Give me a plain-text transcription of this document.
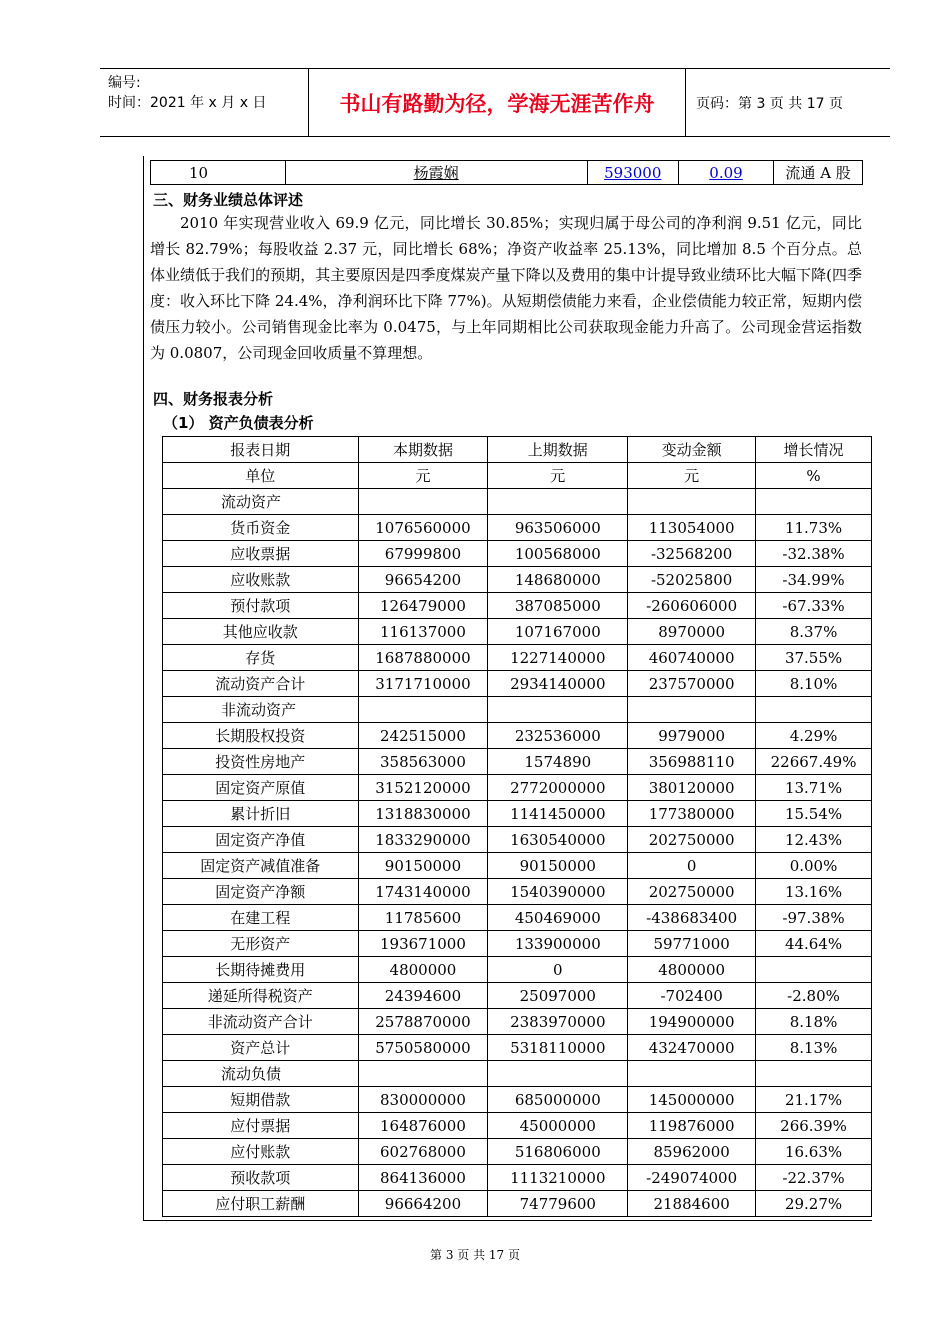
编号:
时间：2021 年 x 月 x 日	书山有路勤为径，学海无涯苦作舟	页码：第 3 页 共 17 页
10	杨霞娴	593000	0.09	流通 A 股
三、财务业绩总体评述

2010 年实现营业收入 69.9 亿元，同比增长 30.85%；实现归属于母公司的净利润 9.51 亿元，同比增长 82.79%；每股收益 2.37 元，同比增长 68%；净资产收益率 25.13%，同比增加 8.5 个百分点。总体业绩低于我们的预期，其主要原因是四季度煤炭产量下降以及费用的集中计提导致业绩环比大幅下降(四季度：收入环比下降 24.4%，净利润环比下降 77%)。从短期偿债能力来看，企业偿债能力较正常，短期内偿债压力较小。公司销售现金比率为 0.0475，与上年同期相比公司获取现金能力升高了。公司现金营运指数为 0.0807，公司现金回收质量不算理想。

四、财务报表分析
（1） 资产负债表分析
报表日期	本期数据	上期数据	变动金额	增长情况
单位	元	元	元	%
流动资产				
货币资金	1076560000	963506000	113054000	11.73%
应收票据	67999800	100568000	-32568200	-32.38%
应收账款	96654200	148680000	-52025800	-34.99%
预付款项	126479000	387085000	-260606000	-67.33%
其他应收款	116137000	107167000	8970000	8.37%
存货	1687880000	1227140000	460740000	37.55%
流动资产合计	3171710000	2934140000	237570000	8.10%
非流动资产				
长期股权投资	242515000	232536000	9979000	4.29%
投资性房地产	358563000	1574890	356988110	22667.49%
固定资产原值	3152120000	2772000000	380120000	13.71%
累计折旧	1318830000	1141450000	177380000	15.54%
固定资产净值	1833290000	1630540000	202750000	12.43%
固定资产减值准备	90150000	90150000	0	0.00%
固定资产净额	1743140000	1540390000	202750000	13.16%
在建工程	11785600	450469000	-438683400	-97.38%
无形资产	193671000	133900000	59771000	44.64%
长期待摊费用	4800000	0	4800000	
递延所得税资产	24394600	25097000	-702400	-2.80%
非流动资产合计	2578870000	2383970000	194900000	8.18%
资产总计	5750580000	5318110000	432470000	8.13%
流动负债				
短期借款	830000000	685000000	145000000	21.17%
应付票据	164876000	45000000	119876000	266.39%
应付账款	602768000	516806000	85962000	16.63%
预收款项	864136000	1113210000	-249074000	-22.37%
应付职工薪酬	96664200	74779600	21884600	29.27%
第 3 页 共 17 页
